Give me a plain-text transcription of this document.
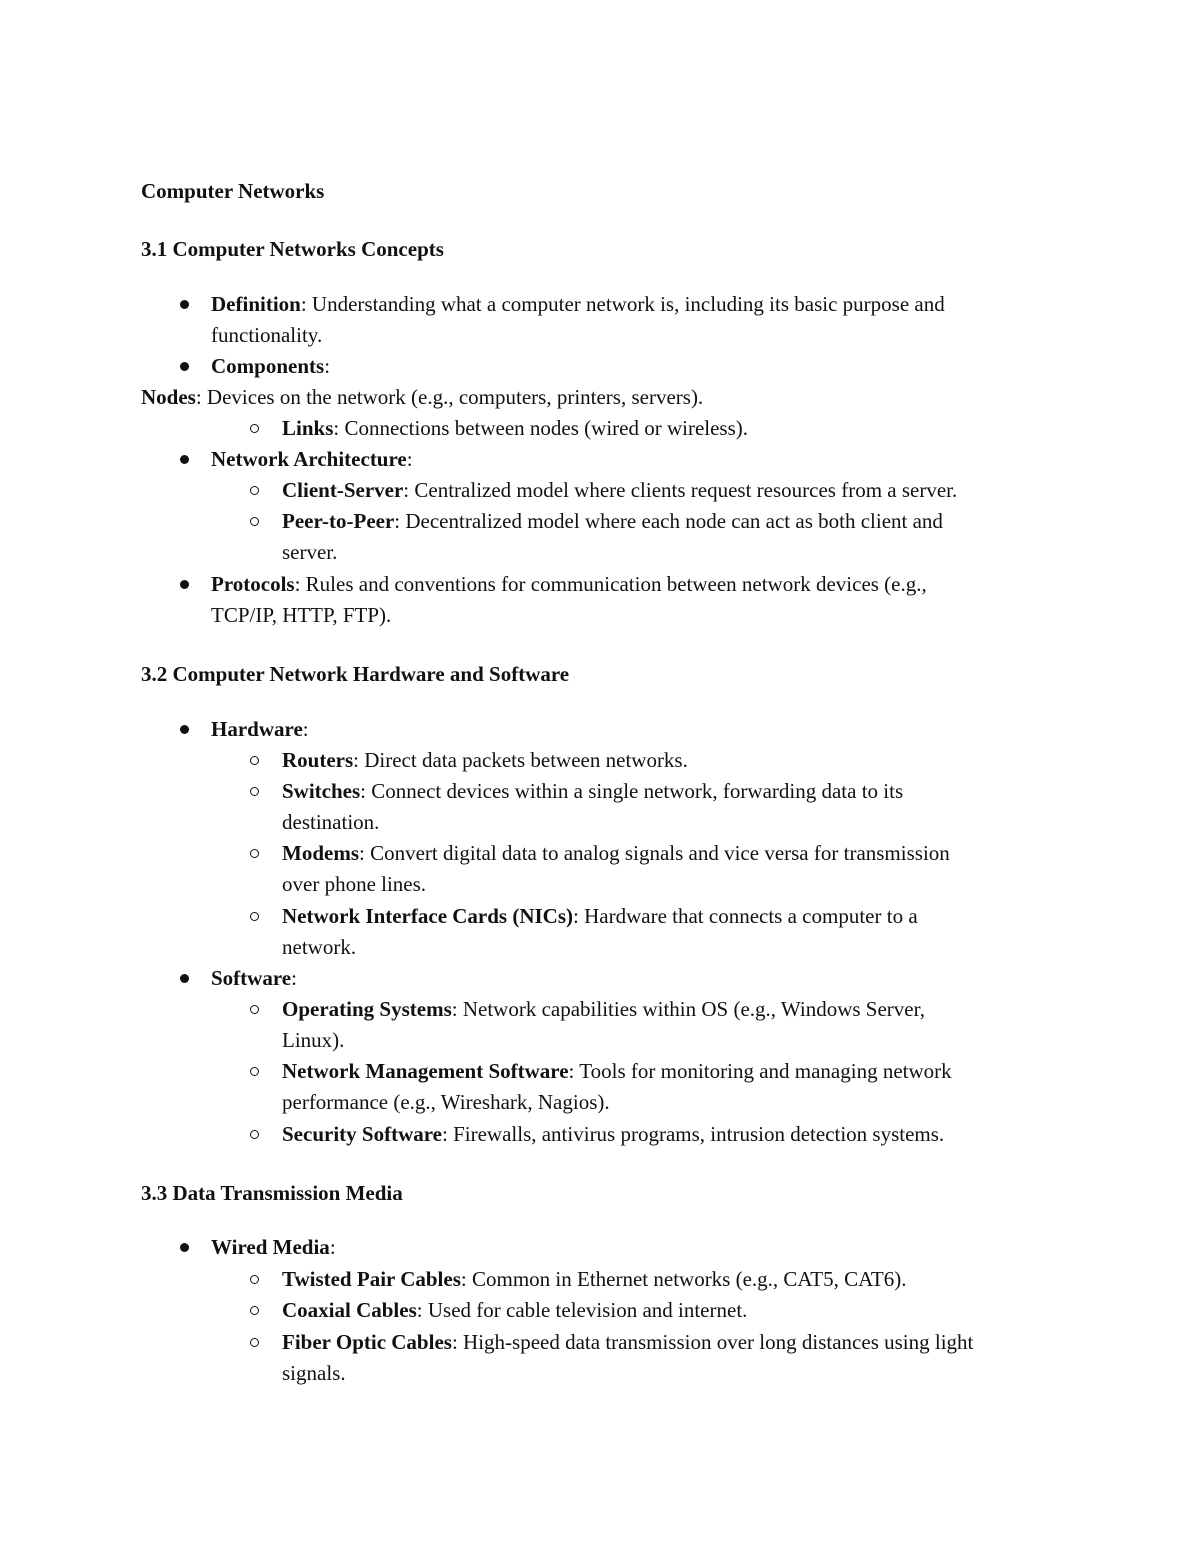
Computer Networks
3.1 Computer Networks Concepts
Definition: Understanding what a computer network is, including its basic purpose and
functionality.
Components:
Nodes: Devices on the network (e.g., computers, printers, servers).
Links: Connections between nodes (wired or wireless).
Network Architecture:
Client-Server: Centralized model where clients request resources from a server.
Peer-to-Peer: Decentralized model where each node can act as both client and
server.
Protocols: Rules and conventions for communication between network devices (e.g.,
TCP/IP, HTTP, FTP).
3.2 Computer Network Hardware and Software
Hardware:
Routers: Direct data packets between networks.
Switches: Connect devices within a single network, forwarding data to its
destination.
Modems: Convert digital data to analog signals and vice versa for transmission
over phone lines.
Network Interface Cards (NICs): Hardware that connects a computer to a
network.
Software:
Operating Systems: Network capabilities within OS (e.g., Windows Server,
Linux).
Network Management Software: Tools for monitoring and managing network
performance (e.g., Wireshark, Nagios).
Security Software: Firewalls, antivirus programs, intrusion detection systems.
3.3 Data Transmission Media
Wired Media:
Twisted Pair Cables: Common in Ethernet networks (e.g., CAT5, CAT6).
Coaxial Cables: Used for cable television and internet.
Fiber Optic Cables: High-speed data transmission over long distances using light
signals.
